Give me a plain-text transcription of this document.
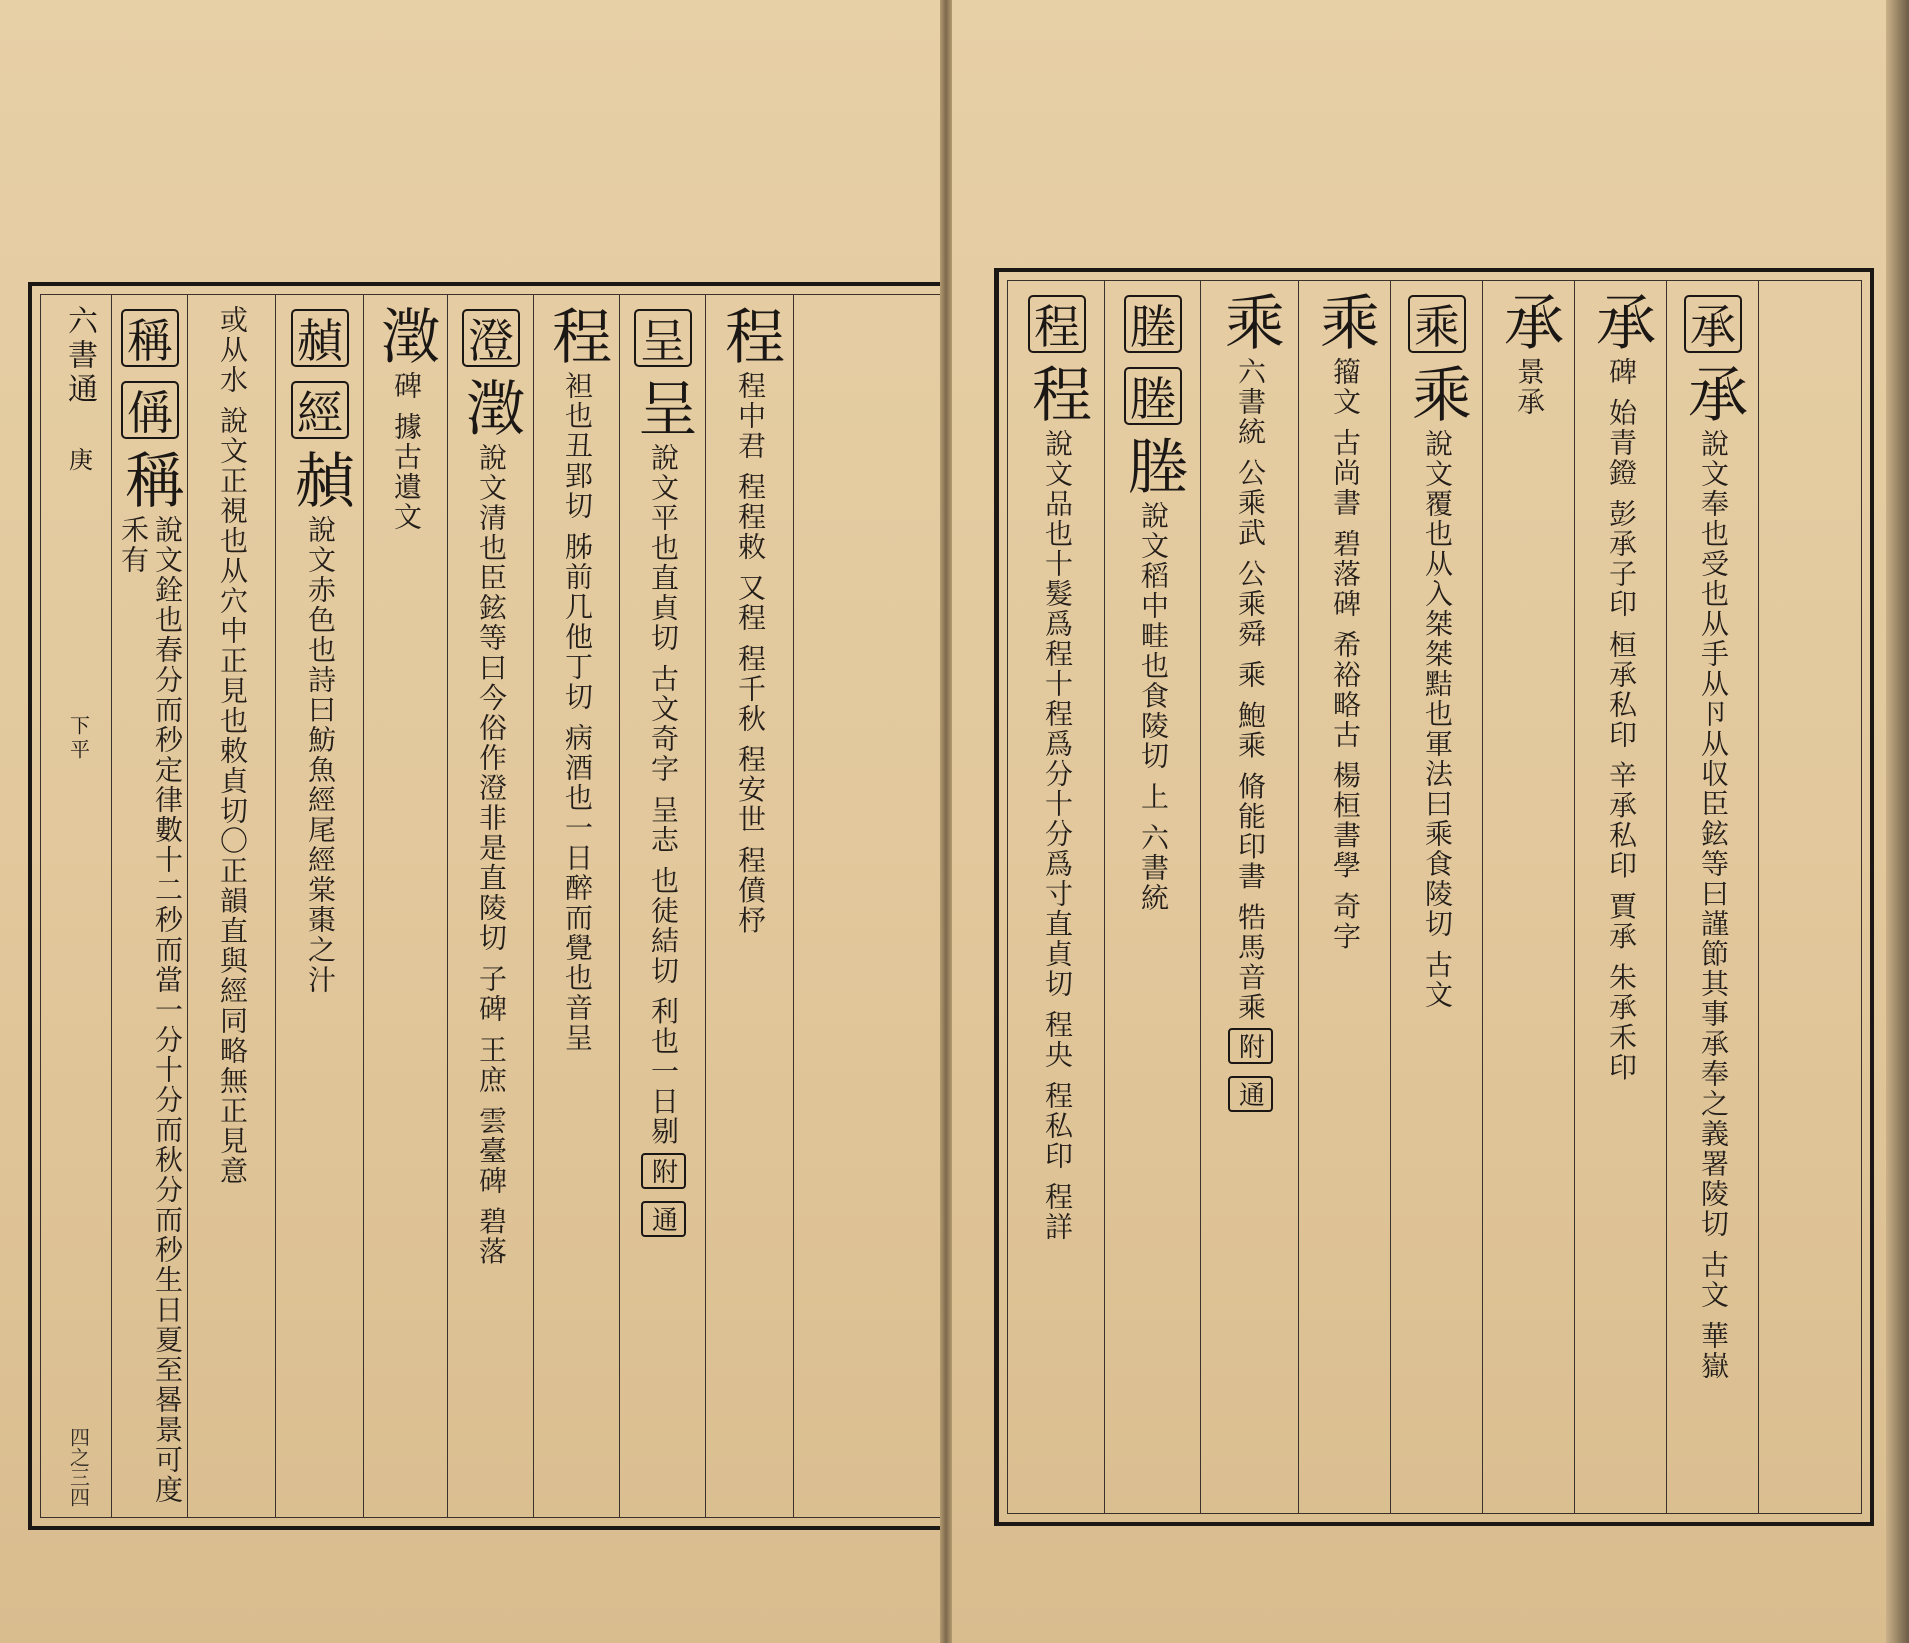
六書通
庚
下平
四之三四
稱
偁
稱
說文銓也春分而秒定律數十二秒而當一分十分而秋分而秒生日夏至晷景可度禾有	或从水 說文正視也从穴中正見也敕貞切〇正韻直與經同略無正見意 赬
經
赬
說文赤色也詩曰魴魚經尾經棠棗之汁
澂
碑 據古遺文
澄
澂
說文清也臣鉉等曰今俗作澄非是直陵切 子碑 王庶 雲臺碑 碧落
程
袒也丑郢切 胏前几他丁切 病酒也一日醉而覺也音呈
呈
呈
說文平也直貞切 古文奇字 呈志 也徒結切 利也一日剔
附
通
程
程中君 程程敕 又程 程千秋 程安世 程僨杼
程
程
說文品也十髮爲程十程爲分十分爲寸直貞切 程央 程私印 程詳
塍
塍
塍
說文稻中畦也食陵切 上 六書統
乘
六書統 公乘武 公乘舜 乘 鮑乘 脩能印書 牿馬音乘
附
通
乘
籀文 古尚書 碧落碑 希裕略古 楊桓書學 奇字
乘
乘
說文覆也从入桀桀黠也軍法曰乘食陵切 古文
承
景承
承
碑 始青鐙 彭承子印 桓承私印 辛承私印 賈承 朱承禾印
承
承
說文奉也受也从手从卪从収臣鉉等曰謹節其事承奉之義署陵切 古文 華嶽
